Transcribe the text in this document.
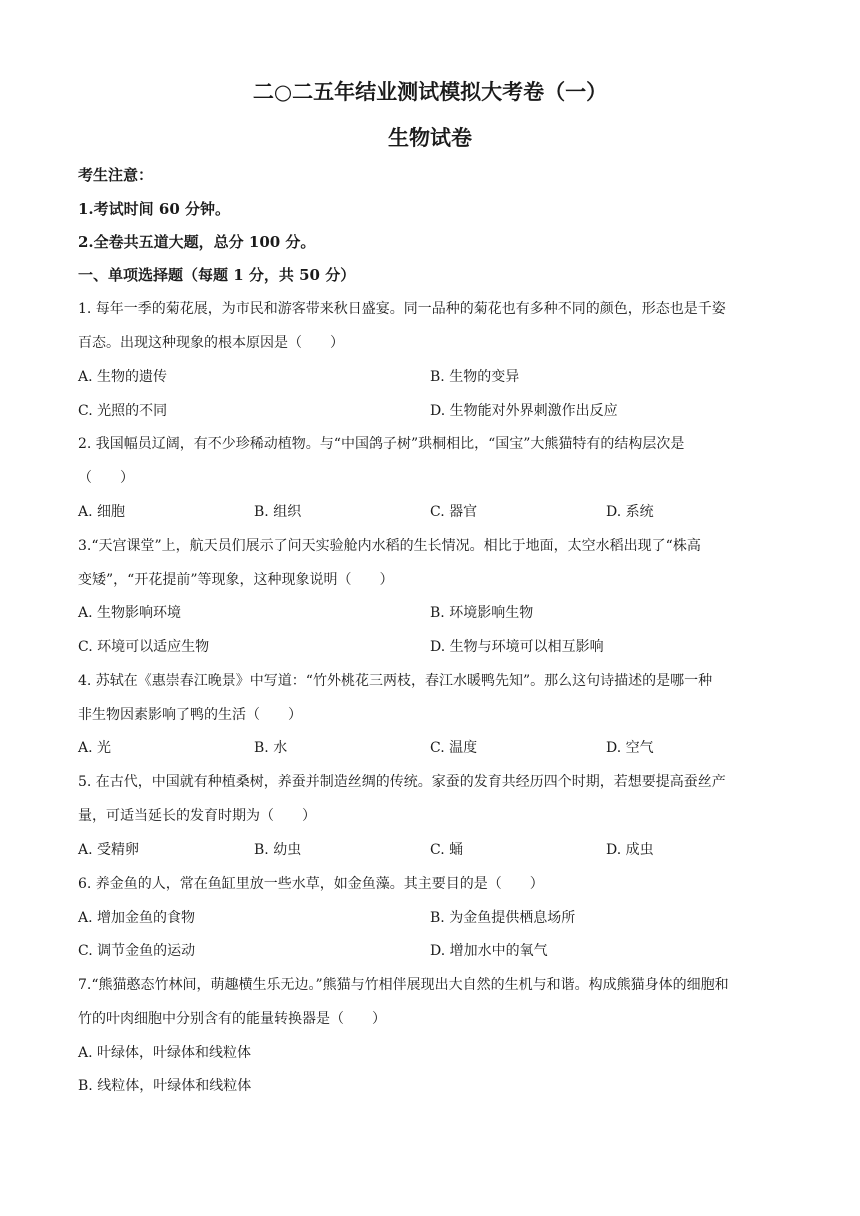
二○二五年结业测试模拟大考卷（一）
生物试卷
考生注意：
1.考试时间 60 分钟。
2.全卷共五道大题，总分 100 分。
一、单项选择题（每题 1 分，共 50 分）
1. 每年一季的菊花展，为市民和游客带来秋日盛宴。同一品种的菊花也有多种不同的颜色，形态也是千姿
百态。出现这种现象的根本原因是（　　）
A. 生物的遗传	B. 生物的变异
C. 光照的不同	D. 生物能对外界刺激作出反应
2. 我国幅员辽阔，有不少珍稀动植物。与“中国鸽子树”珙桐相比，“国宝”大熊猫特有的结构层次是
（　　）
A. 细胞	B. 组织	C. 器官	D. 系统
3.“天宫课堂”上，航天员们展示了问天实验舱内水稻的生长情况。相比于地面，太空水稻出现了“株高
变矮”，“开花提前”等现象，这种现象说明（　　）
A. 生物影响环境	B. 环境影响生物
C. 环境可以适应生物	D. 生物与环境可以相互影响
4. 苏轼在《惠崇春江晚景》中写道：“竹外桃花三两枝，春江水暖鸭先知”。那么这句诗描述的是哪一种
非生物因素影响了鸭的生活（　　）
A. 光	B. 水	C. 温度	D. 空气
5. 在古代，中国就有种植桑树，养蚕并制造丝绸的传统。家蚕的发育共经历四个时期，若想要提高蚕丝产
量，可适当延长的发育时期为（　　）
A. 受精卵	B. 幼虫	C. 蛹	D. 成虫
6. 养金鱼的人，常在鱼缸里放一些水草，如金鱼藻。其主要目的是（　　）
A. 增加金鱼的食物	B. 为金鱼提供栖息场所
C. 调节金鱼的运动	D. 增加水中的氧气
7.“熊猫憨态竹林间，萌趣横生乐无边。”熊猫与竹相伴展现出大自然的生机与和谐。构成熊猫身体的细胞和
竹的叶肉细胞中分别含有的能量转换器是（　　）
A. 叶绿体，叶绿体和线粒体
B. 线粒体，叶绿体和线粒体
